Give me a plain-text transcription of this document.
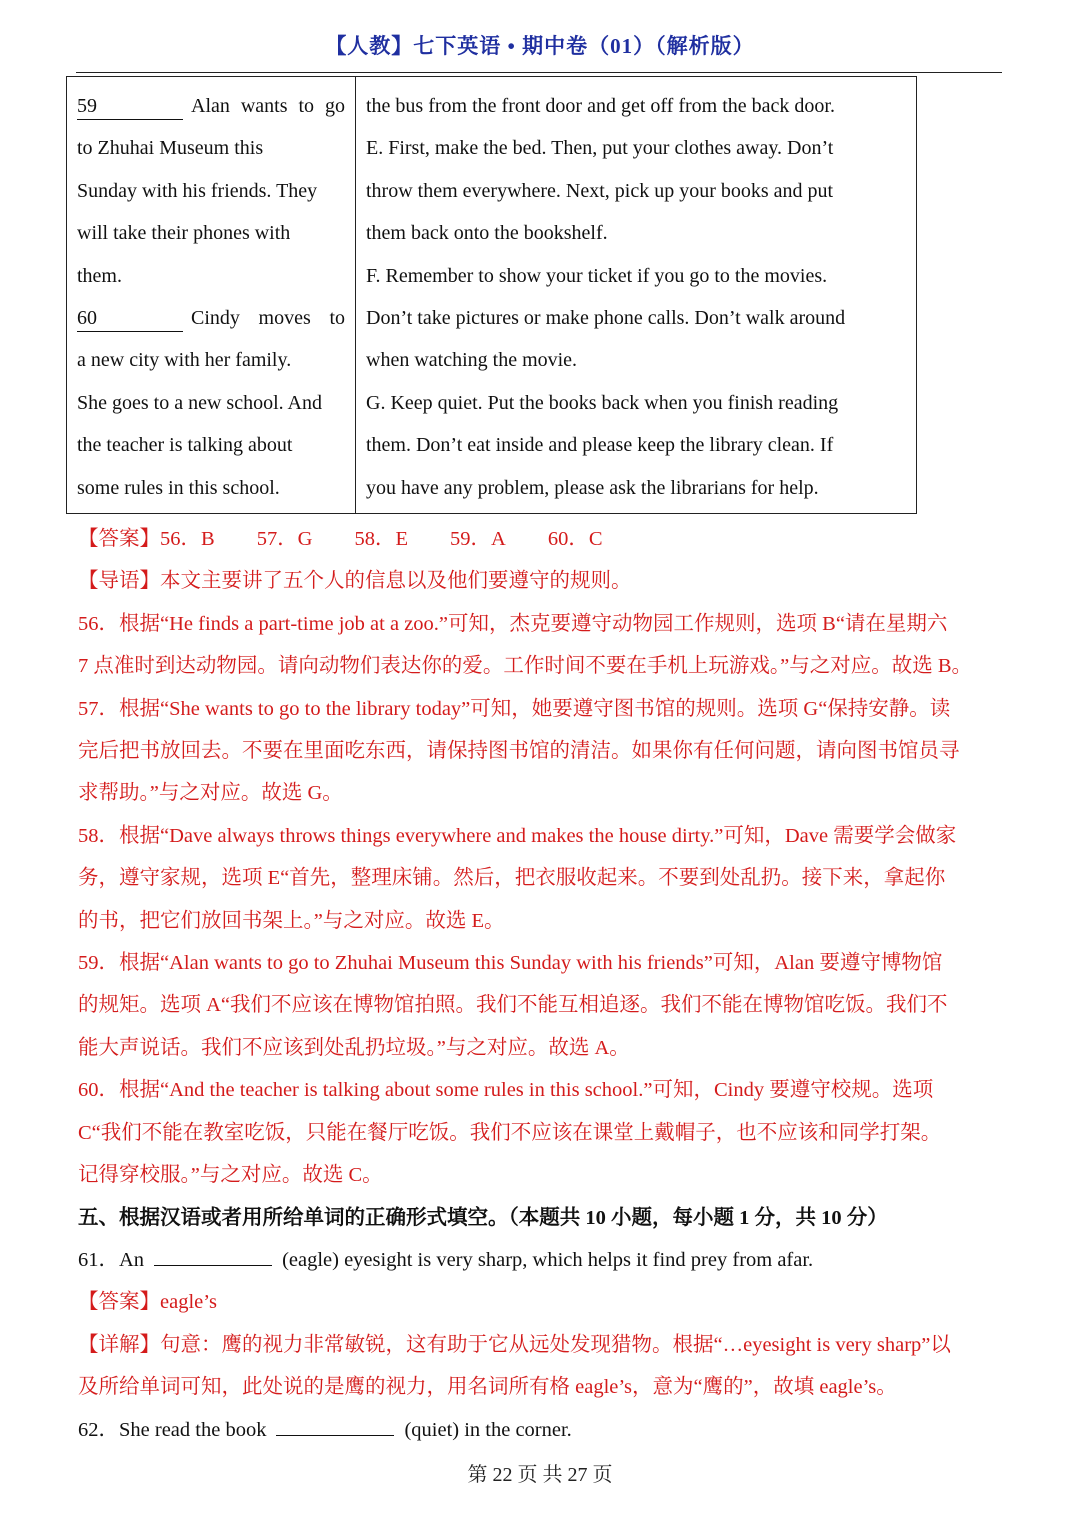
【人教】七下英语 • 期中卷（01）（解析版）
59	Alan wants to go
to Zhuhai Museum this
Sunday with his friends. They
will take their phones with
them.
60	Cindy moves to
a new city with her family.
She goes to a new school. And
the teacher is talking about
some rules in this school.

the bus from the front door and get off from the back door.
E. First, make the bed. Then, put your clothes away. Don’t
throw them everywhere. Next, pick up your books and put
them back onto the bookshelf.
F. Remember to show your ticket if you go to the movies.
Don’t take pictures or make phone calls. Don’t walk around
when watching the movie.
G. Keep quiet. Put the books back when you finish reading
them. Don’t eat inside and please keep the library clean. If
you have any problem, please ask the librarians for help.

【答案】56．B 57．G 58．E 59．A 60．C

【导语】本文主要讲了五个人的信息以及他们要遵守的规则。

56．根据“He finds a part-time job at a zoo.”可知，杰克要遵守动物园工作规则，选项 B“请在星期六

7 点准时到达动物园。请向动物们表达你的爱。工作时间不要在手机上玩游戏。”与之对应。故选 B。

57．根据“She wants to go to the library today”可知，她要遵守图书馆的规则。选项 G“保持安静。读

完后把书放回去。不要在里面吃东西，请保持图书馆的清洁。如果你有任何问题，请向图书馆员寻

求帮助。”与之对应。故选 G。

58．根据“Dave always throws things everywhere and makes the house dirty.”可知，Dave 需要学会做家

务，遵守家规，选项 E“首先，整理床铺。然后，把衣服收起来。不要到处乱扔。接下来，拿起你

的书，把它们放回书架上。”与之对应。故选 E。

59．根据“Alan wants to go to Zhuhai Museum this Sunday with his friends”可知，Alan 要遵守博物馆

的规矩。选项 A“我们不应该在博物馆拍照。我们不能互相追逐。我们不能在博物馆吃饭。我们不

能大声说话。我们不应该到处乱扔垃圾。”与之对应。故选 A。

60．根据“And the teacher is talking about some rules in this school.”可知，Cindy 要遵守校规。选项

C“我们不能在教室吃饭，只能在餐厅吃饭。我们不应该在课堂上戴帽子，也不应该和同学打架。

记得穿校服。”与之对应。故选 C。

五、根据汉语或者用所给单词的正确形式填空。（本题共 10 小题，每小题 1 分，共 10 分）

61．An	(eagle) eyesight is very sharp, which helps it find prey from afar.

【答案】eagle’s

【详解】句意：鹰的视力非常敏锐，这有助于它从远处发现猎物。根据“…eyesight is very sharp”以

及所给单词可知，此处说的是鹰的视力，用名词所有格 eagle’s，意为“鹰的”，故填 eagle’s。

62．She read the book	(quiet) in the corner.

第 22 页 共 27 页
